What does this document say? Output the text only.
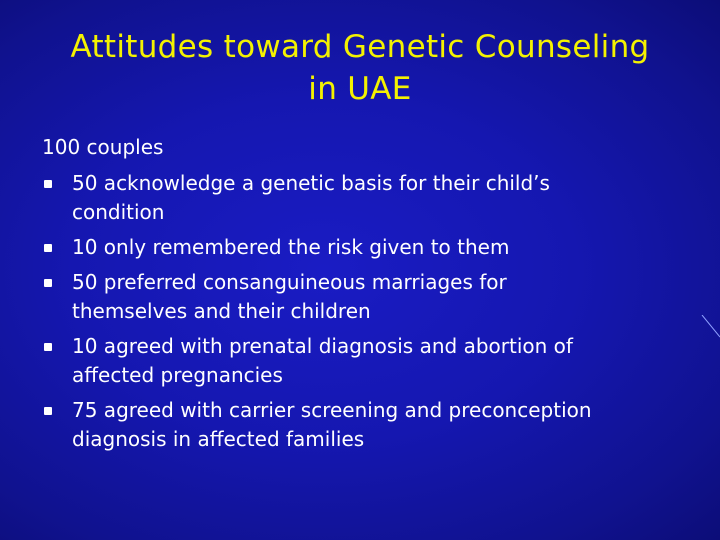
Attitudes toward Genetic Counseling
in UAE
100 couples
50 acknowledge a genetic basis for their child’s
condition
10 only remembered the risk given to them
50 preferred consanguineous marriages for
themselves and their children
10 agreed with prenatal diagnosis and abortion of
affected pregnancies
75 agreed with carrier screening and preconception
diagnosis in affected families
